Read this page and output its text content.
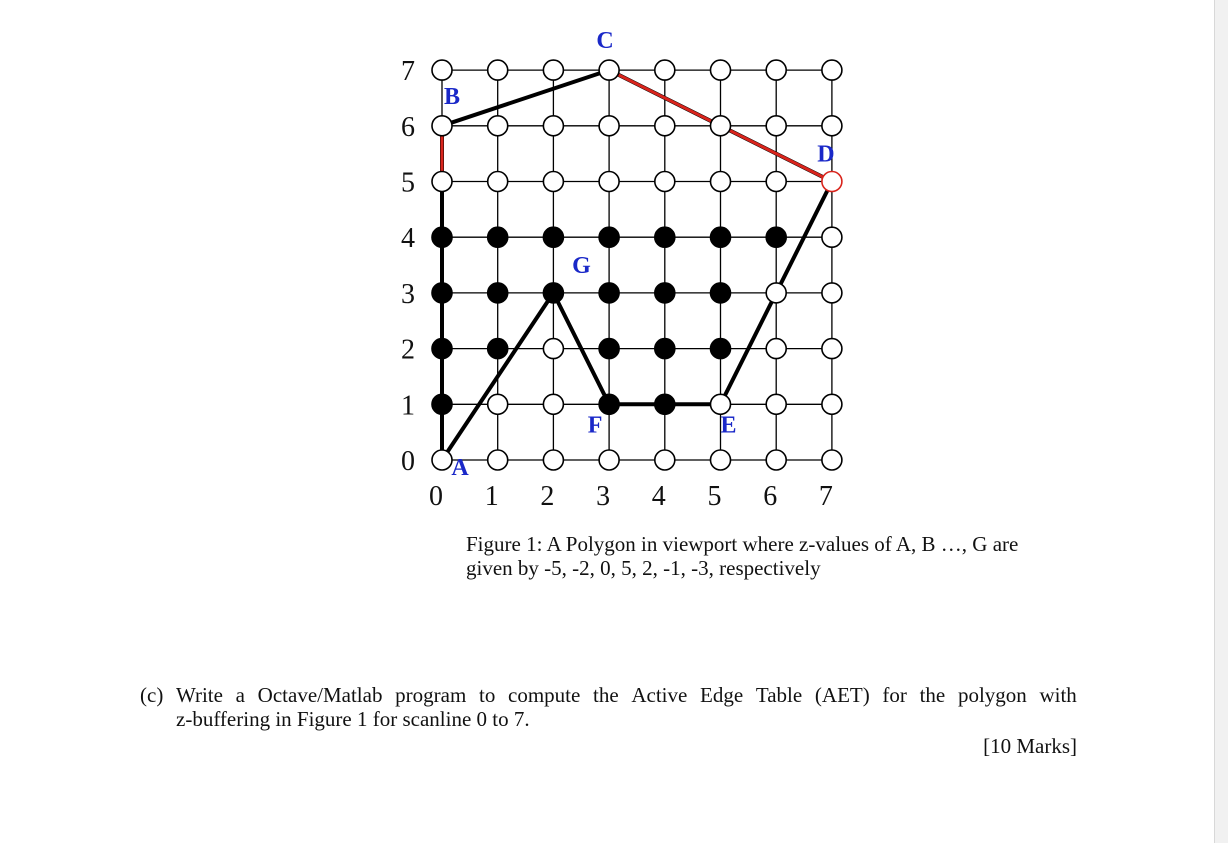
0
1
2
3
4
5
6
7
0 1 2 3 4 5 6 7
A
B
C
D
E
F
G

Figure 1: A Polygon in viewport where z-values of A, B …, G are
given by -5, -2, 0, 5, 2, -1, -3, respectively

(c) Write a Octave/Matlab program to compute the Active Edge Table (AET) for the polygon with
z-buffering in Figure 1 for scanline 0 to 7.
[10 Marks]
